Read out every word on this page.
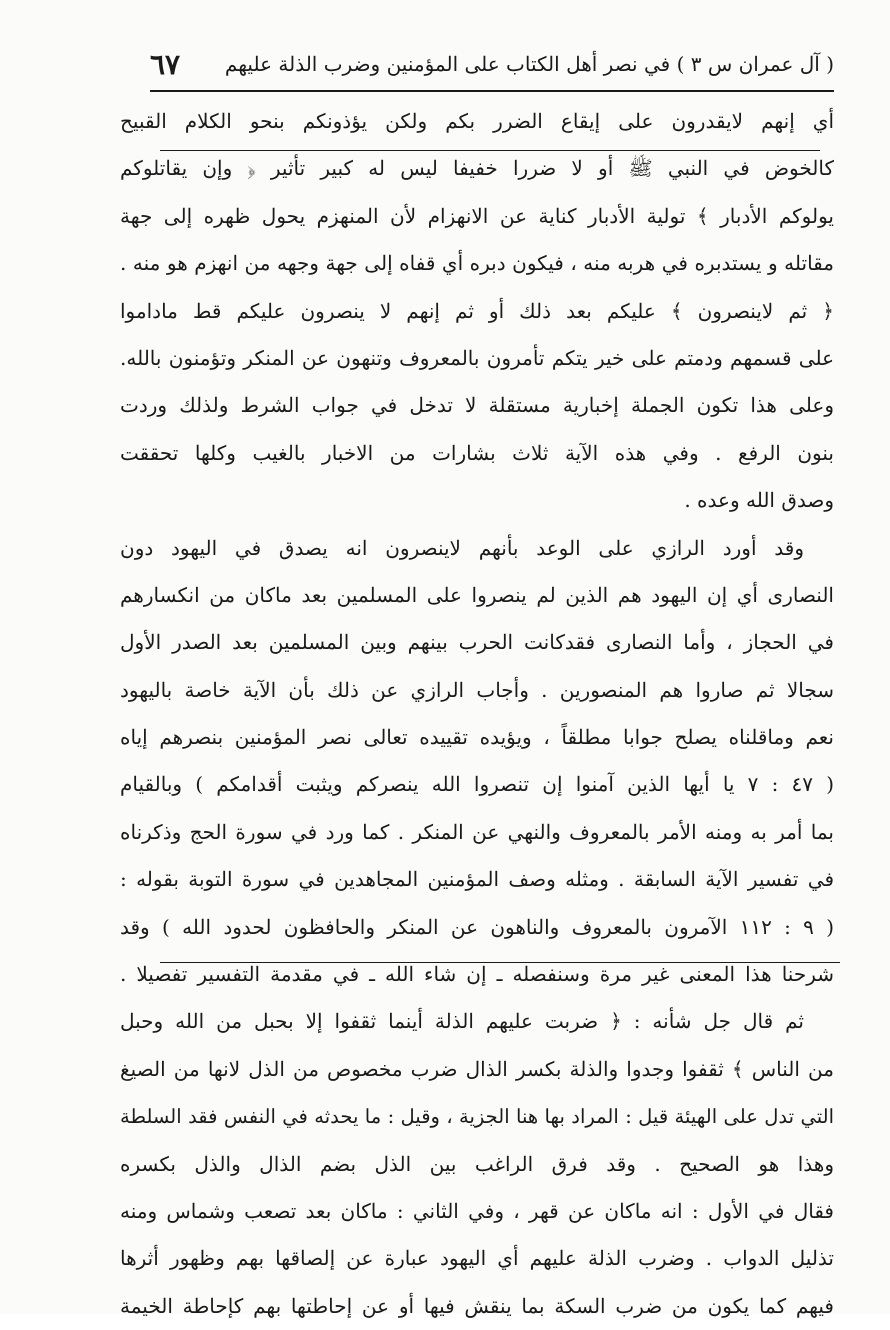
( آل عمران س ٣ ) في نصر أهل الكتاب على المؤمنين وضرب الذلة عليهم
٦٧
أي إنهم لايقدرون على إيقاع الضرر بكم ولكن يؤذونكم بنحو الكلام القبيح
كالخوض في النبي ﷺ أو لا ضررا خفيفا ليس له كبير تأثير ﴿ وإن يقاتلوكم
يولوكم الأدبار ﴾ تولية الأدبار كناية عن الانهزام لأن المنهزم يحول ظهره إلى جهة
مقاتله و يستدبره في هربه منه ، فيكون دبره أي قفاه إلى جهة وجهه من انهزم هو منه .
﴿ ثم لاينصرون ﴾ عليكم بعد ذلك أو ثم إنهم لا ينصرون عليكم قط ماداموا
على قسمهم ودمتم على خير يتكم تأمرون بالمعروف وتنهون عن المنكر وتؤمنون بالله.
وعلى هذا تكون الجملة إخبارية مستقلة لا تدخل في جواب الشرط ولذلك وردت
بنون الرفع . وفي هذه الآية ثلاث بشارات من الاخبار بالغيب وكلها تحققت
وصدق الله وعده .
وقد أورد الرازي على الوعد بأنهم لاينصرون انه يصدق في اليهود دون
النصارى أي إن اليهود هم الذين لم ينصروا على المسلمين بعد ماكان من انكسارهم
في الحجاز ، وأما النصارى فقدكانت الحرب بينهم وبين المسلمين بعد الصدر الأول
سجالا ثم صاروا هم المنصورين . وأجاب الرازي عن ذلك بأن الآية خاصة باليهود
نعم وماقلناه يصلح جوابا مطلقاً ، ويؤيده تقييده تعالى نصر المؤمنين بنصرهم إياه
( ٤٧ : ٧ يا أيها الذين آمنوا إن تنصروا الله ينصركم ويثبت أقدامكم ) وبالقيام
بما أمر به ومنه الأمر بالمعروف والنهي عن المنكر . كما ورد في سورة الحج وذكرناه
في تفسير الآية السابقة . ومثله وصف المؤمنين المجاهدين في سورة التوبة بقوله :
( ٩ : ١١٢ الآمرون بالمعروف والناهون عن المنكر والحافظون لحدود الله ) وقد
شرحنا هذا المعنى غير مرة وسنفصله ـ إن شاء الله ـ في مقدمة التفسير تفصيلا .
ثم قال جل شأنه : ﴿ ضربت عليهم الذلة أينما ثقفوا إلا بحبل من الله وحبل
من الناس ﴾ ثقفوا وجدوا والذلة بكسر الذال ضرب مخصوص من الذل لانها من الصيغ
التي تدل على الهيئة قيل : المراد بها هنا الجزية ، وقيل : ما يحدثه في النفس فقد السلطة
وهذا هو الصحيح . وقد فرق الراغب بين الذل بضم الذال والذل بكسره
فقال في الأول : انه ماكان عن قهر ، وفي الثاني : ماكان بعد تصعب وشماس ومنه
تذليل الدواب . وضرب الذلة عليهم أي اليهود عبارة عن إلصاقها بهم وظهور أثرها
فيهم كما يكون من ضرب السكة بما ينقش فيها أو عن إحاطتها بهم كإحاطة الخيمة
